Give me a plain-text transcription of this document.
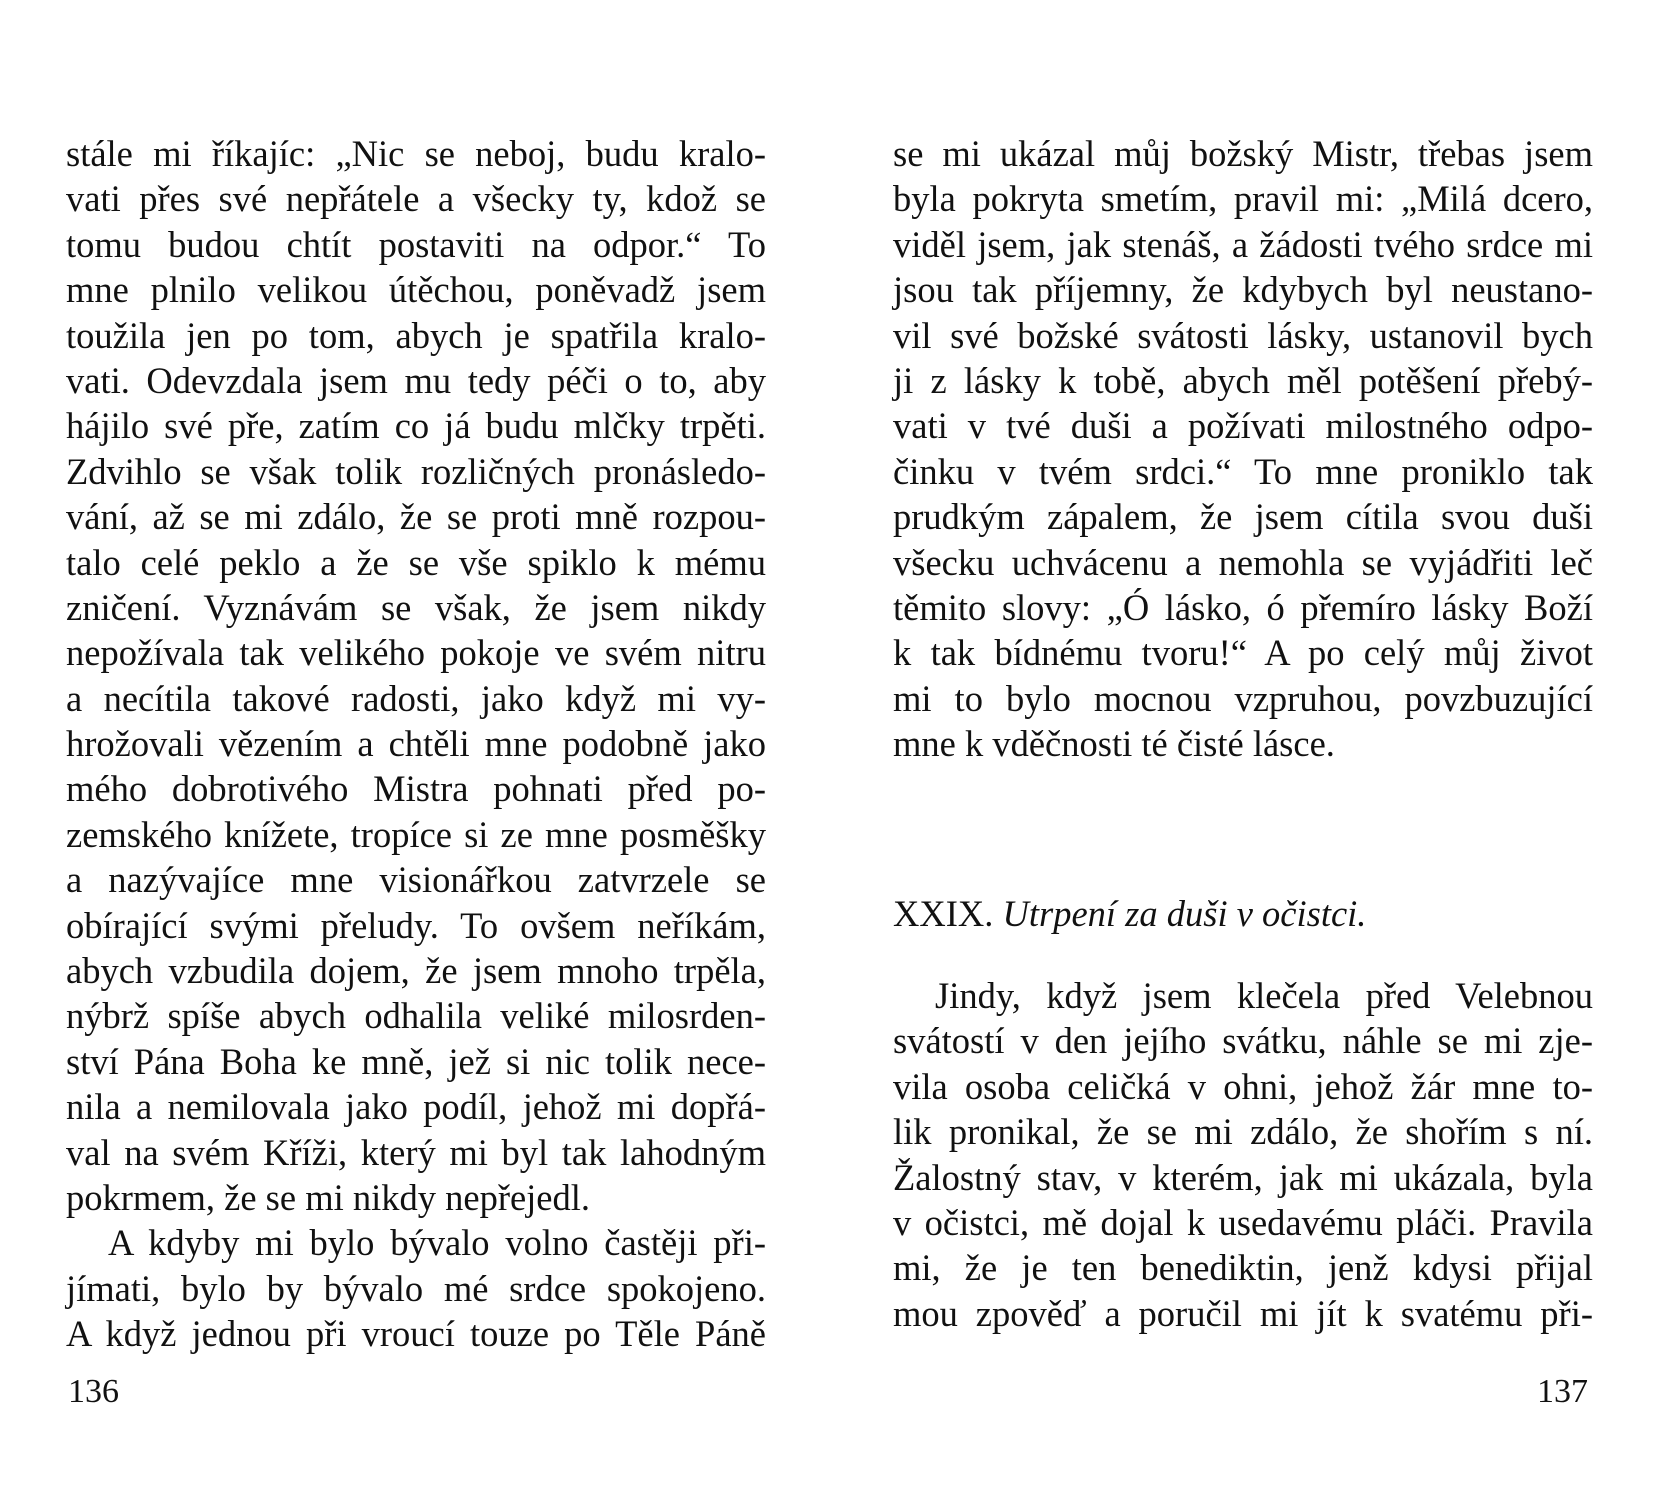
stále mi říkajíc: „Nic se neboj, budu kralo-
vati přes své nepřátele a všecky ty, kdož se
tomu budou chtít postaviti na odpor.“ To
mne plnilo velikou útěchou, poněvadž jsem
toužila jen po tom, abych je spatřila kralo-
vati. Odevzdala jsem mu tedy péči o to, aby
hájilo své pře, zatím co já budu mlčky trpěti.
Zdvihlo se však tolik rozličných pronásledo-
vání, až se mi zdálo, že se proti mně rozpou-
talo celé peklo a že se vše spiklo k mému
zničení. Vyznávám se však, že jsem nikdy
nepožívala tak velikého pokoje ve svém nitru
a necítila takové radosti, jako když mi vy-
hrožovali vězením a chtěli mne podobně jako
mého dobrotivého Mistra pohnati před po-
zemského knížete, tropíce si ze mne posměšky
a nazývajíce mne visionářkou zatvrzele se
obírající svými přeludy. To ovšem neříkám,
abych vzbudila dojem, že jsem mnoho trpěla,
nýbrž spíše abych odhalila veliké milosrden-
ství Pána Boha ke mně, jež si nic tolik nece-
nila a nemilovala jako podíl, jehož mi dopřá-
val na svém Kříži, který mi byl tak lahodným
pokrmem, že se mi nikdy nepřejedl.
A kdyby mi bylo bývalo volno častěji při-
jímati, bylo by bývalo mé srdce spokojeno.
A když jednou při vroucí touze po Těle Páně
136
se mi ukázal můj božský Mistr, třebas jsem
byla pokryta smetím, pravil mi: „Milá dcero,
viděl jsem, jak stenáš, a žádosti tvého srdce mi
jsou tak příjemny, že kdybych byl neustano-
vil své božské svátosti lásky, ustanovil bych
ji z lásky k tobě, abych měl potěšení přebý-
vati v tvé duši a požívati milostného odpo-
činku v tvém srdci.“ To mne proniklo tak
prudkým zápalem, že jsem cítila svou duši
všecku uchvácenu a nemohla se vyjádřiti leč
těmito slovy: „Ó lásko, ó přemíro lásky Boží
k tak bídnému tvoru!“ A po celý můj život
mi to bylo mocnou vzpruhou, povzbuzující
mne k vděčnosti té čisté lásce.
XXIX. Utrpení za duši v očistci.
Jindy, když jsem klečela před Velebnou
svátostí v den jejího svátku, náhle se mi zje-
vila osoba celičká v ohni, jehož žár mne to-
lik pronikal, že se mi zdálo, že shořím s ní.
Žalostný stav, v kterém, jak mi ukázala, byla
v očistci, mě dojal k usedavému pláči. Pravila
mi, že je ten benediktin, jenž kdysi přijal
mou zpověď a poručil mi jít k svatému při-
137
